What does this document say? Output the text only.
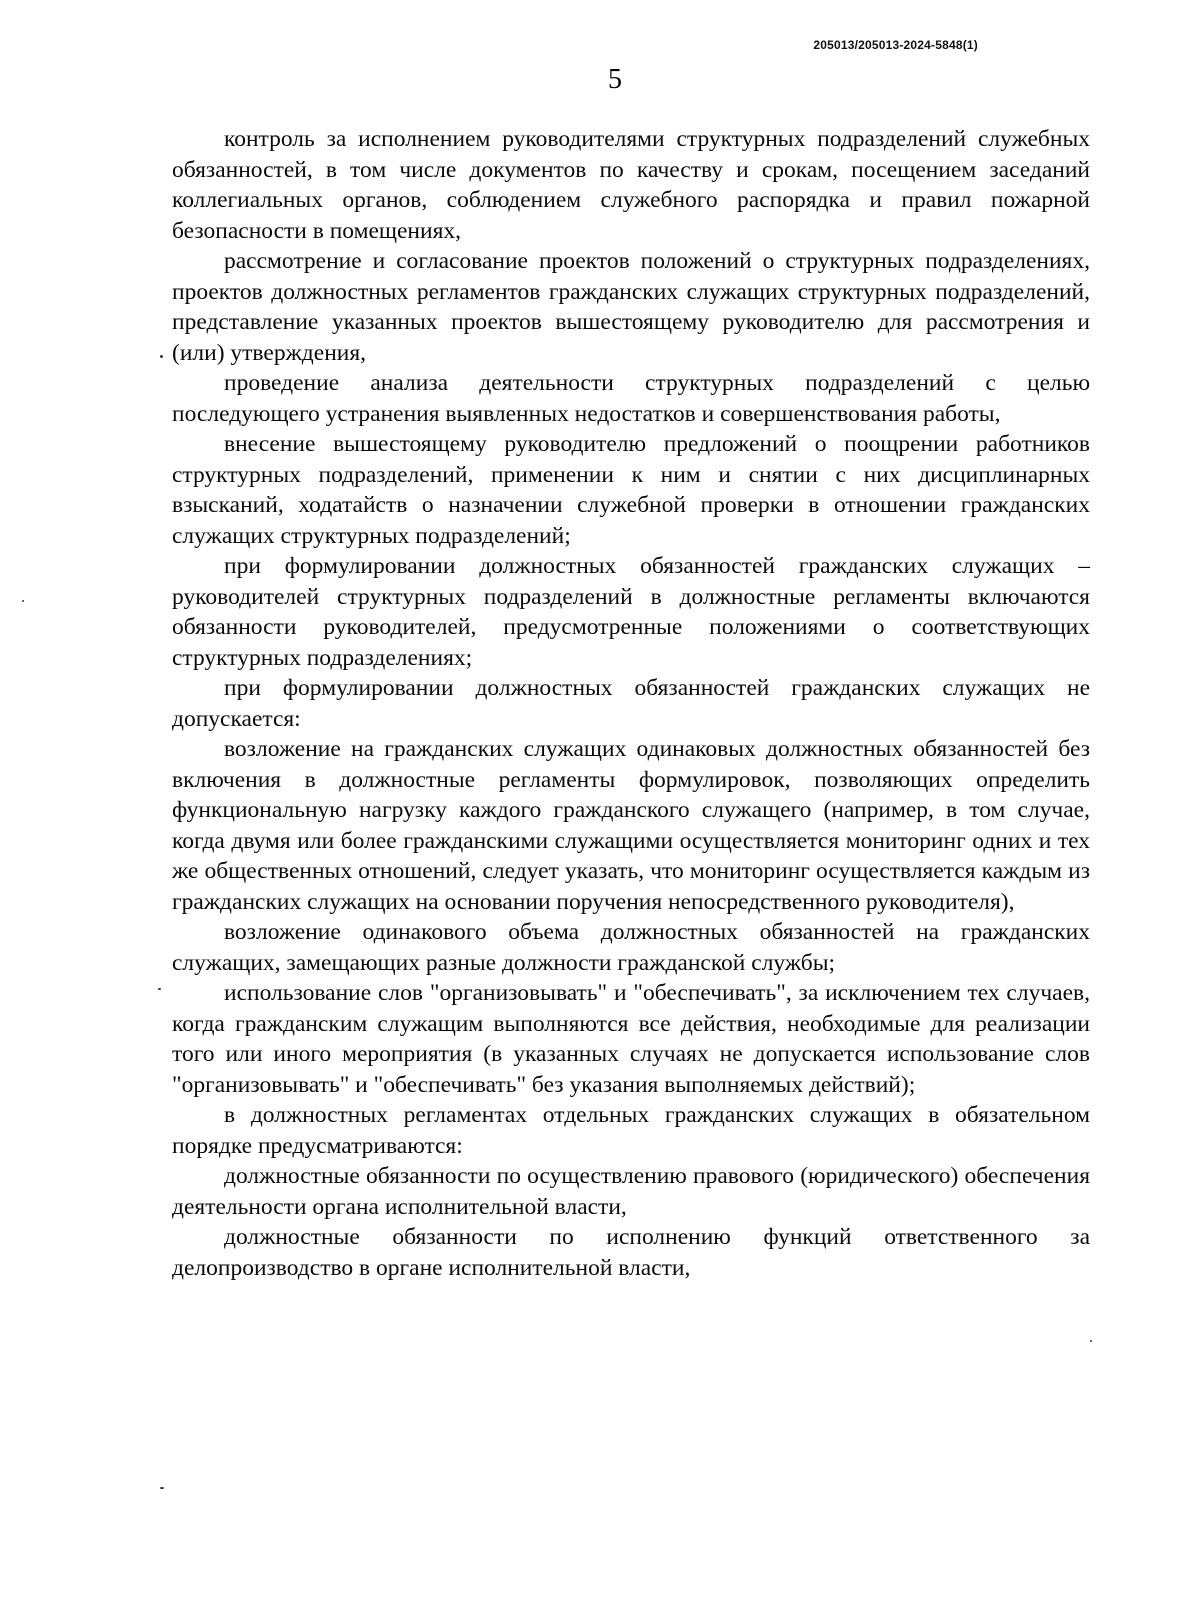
205013/205013-2024-5848(1)
5

контроль за исполнением руководителями структурных подразделений служебных обязанностей, в том числе документов по качеству и срокам, посещением заседаний коллегиальных органов, соблюдением служебного распорядка и правил пожарной безопасности в помещениях,

рассмотрение и согласование проектов положений о структурных подразделениях, проектов должностных регламентов гражданских служащих структурных подразделений, представление указанных проектов вышестоящему руководителю для рассмотрения и (или) утверждения,

проведение анализа деятельности структурных подразделений с целью последующего устранения выявленных недостатков и совершенствования работы,

внесение вышестоящему руководителю предложений о поощрении работников структурных подразделений, применении к ним и снятии с них дисциплинарных взысканий, ходатайств о назначении служебной проверки в отношении гражданских служащих структурных подразделений;

при формулировании должностных обязанностей гражданских служащих – руководителей структурных подразделений в должностные регламенты включаются обязанности руководителей, предусмотренные положениями о соответствующих структурных подразделениях;

при формулировании должностных обязанностей гражданских служащих не допускается:

возложение на гражданских служащих одинаковых должностных обязанностей без включения в должностные регламенты формулировок, позволяющих определить функциональную нагрузку каждого гражданского служащего (например, в том случае, когда двумя или более гражданскими служащими осуществляется мониторинг одних и тех же общественных отношений, следует указать, что мониторинг осуществляется каждым из гражданских служащих на основании поручения непосредственного руководителя),

возложение одинакового объема должностных обязанностей на гражданских служащих, замещающих разные должности гражданской службы;

использование слов "организовывать" и "обеспечивать", за исключением тех случаев, когда гражданским служащим выполняются все действия, необходимые для реализации того или иного мероприятия (в указанных случаях не допускается использование слов "организовывать" и "обеспечивать" без указания выполняемых действий);

в должностных регламентах отдельных гражданских служащих в обязательном порядке предусматриваются:

должностные обязанности по осуществлению правового (юридического) обеспечения деятельности органа исполнительной власти,

должностные обязанности по исполнению функций ответственного за делопроизводство в органе исполнительной власти,
